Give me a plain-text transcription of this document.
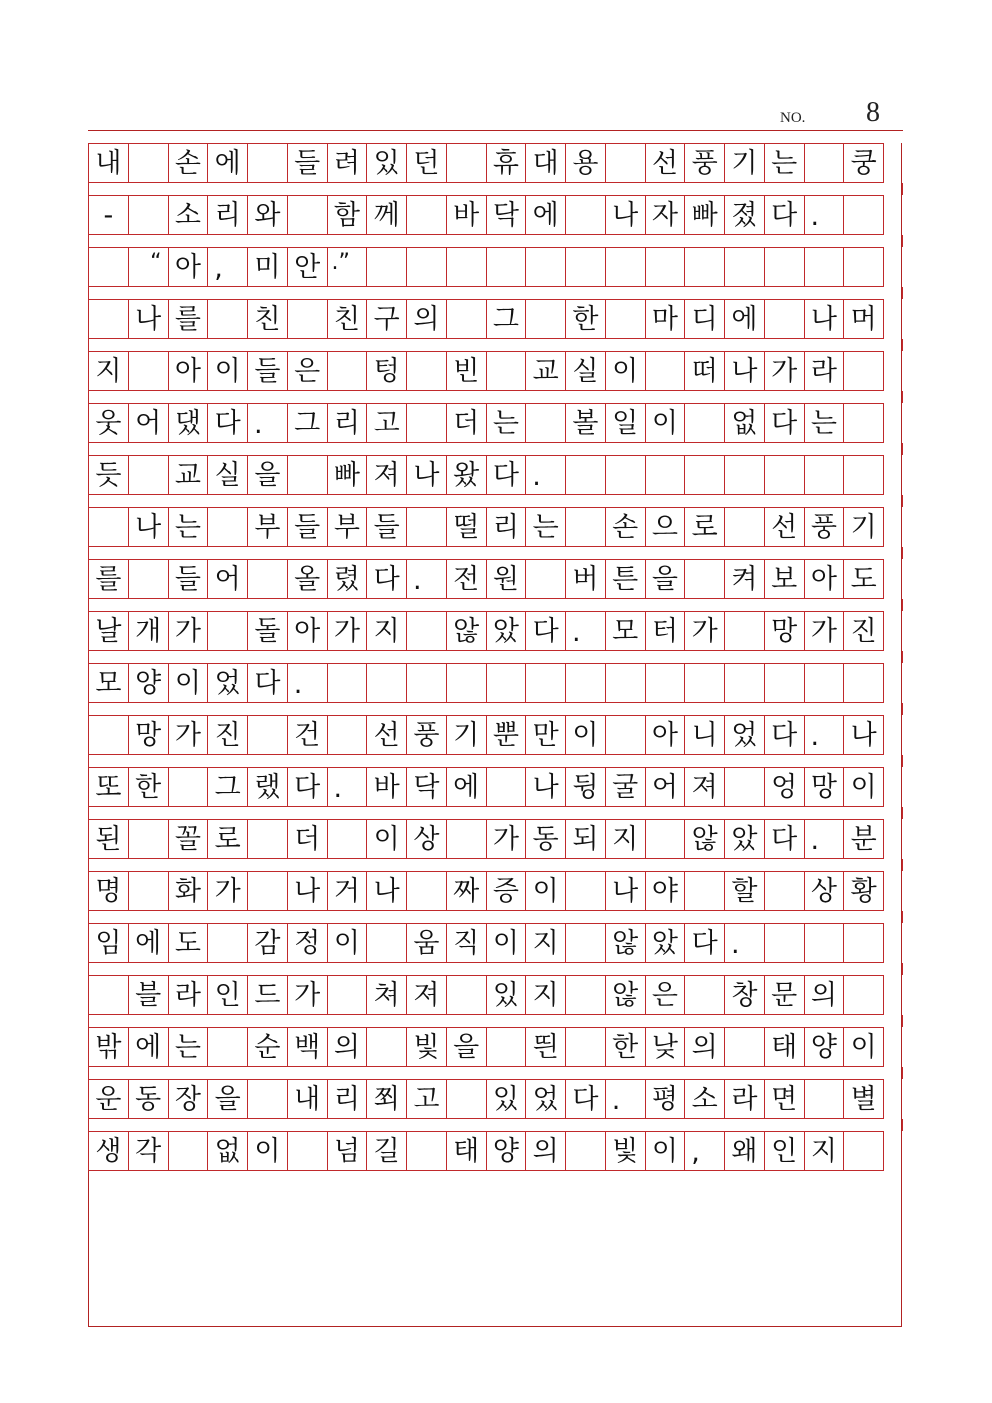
NO. 8
내 손 에 들 려 있 던 휴 대 용 선 풍 기 는 쿵
-	소 리 와 함 께 바 닥 에 나 자 빠 졌 다 .
“ 아 ,	미 안 .”
나 를 친 친 구 의 그 한 마 디 에 나 머
지 아 이 들 은 텅 빈 교 실 이 떠 나 가 라
웃 어 댔 다 .	그 리 고 더 는 볼 일 이 없 다 는
듯 교 실 을 빠 져 나 왔 다 .
나 는 부 들 부 들 떨 리 는 손 으 로 선 풍 기
를 들 어 올 렸 다 .	전 원 버 튼 을 켜 보 아 도
날 개 가 돌 아 가 지 않 았 다 .	모 터 가 망 가 진
모 양 이 었 다 .
망 가 진 건 선 풍 기 뿐 만 이 아 니 었 다 .	나
또 한 그 랬 다 .	바 닥 에 나 뒹 굴 어 져 엉 망 이
된 꼴 로 더 이 상 가 동 되 지 않 았 다 .	분
명 화 가 나 거 나 짜 증 이 나 야 할 상 황
임 에 도 감 정 이 움 직 이 지 않 았 다 .
블 라 인 드 가 쳐 져 있 지 않 은 창 문 의
밖 에 는 순 백 의 빛 을 띈 한 낮 의 태 양 이
운 동 장 을 내 리 쬐 고 있 었 다 .	평 소 라 면 별
생 각 없 이 넘 길 태 양 의 빛 이 ,	왜 인 지
